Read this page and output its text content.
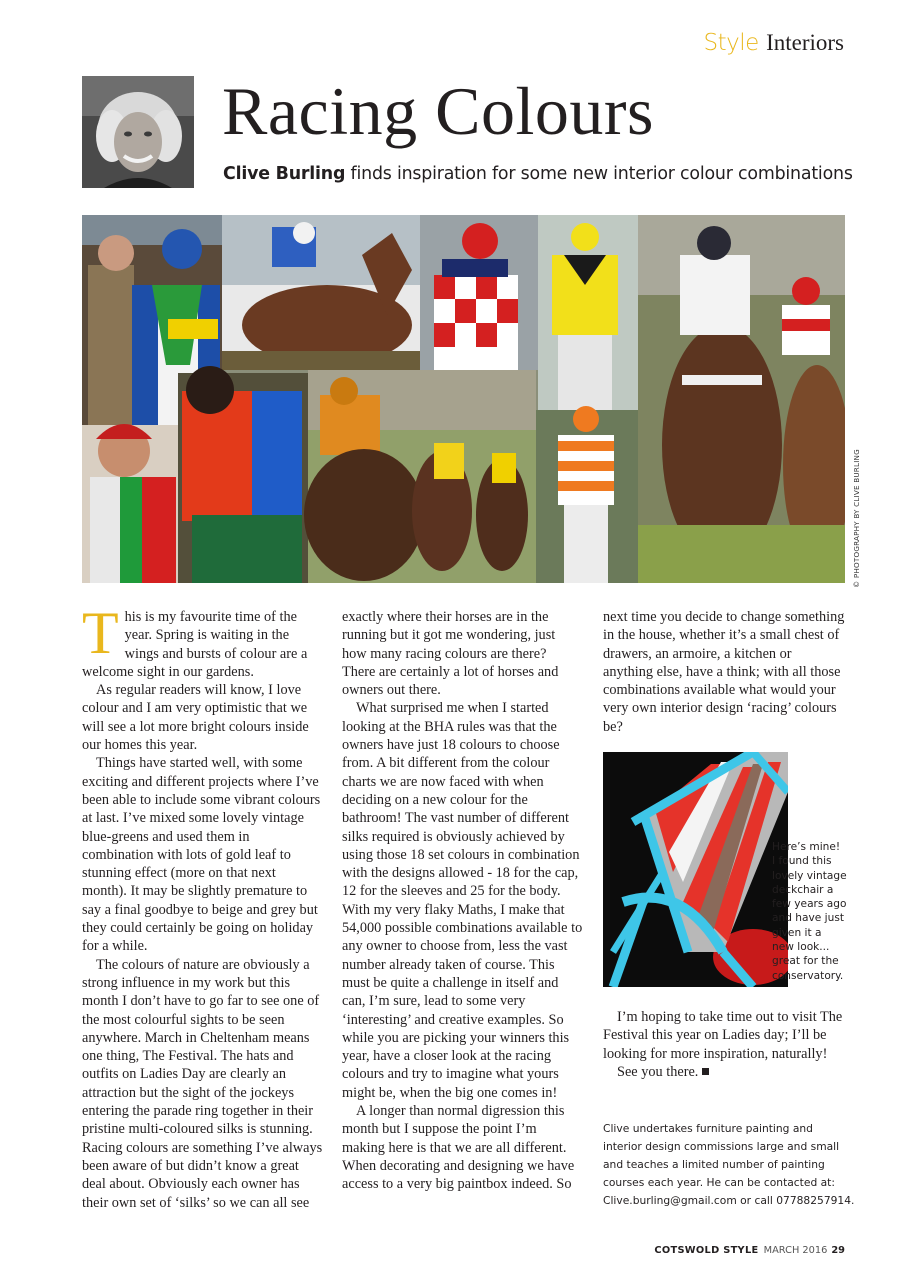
Style Interiors
Racing Colours
Clive Burling finds inspiration for some new interior colour combinations
© PHOTOGRAPHY BY CLIVE BURLING

This is my favourite time of the year. Spring is waiting in the wings and bursts of colour are a welcome sight in our gardens.

As regular readers will know, I love colour and I am very optimistic that we will see a lot more bright colours inside our homes this year.

Things have started well, with some exciting and different projects where I’ve been able to include some vibrant colours at last. I’ve mixed some lovely vintage blue-greens and used them in combination with lots of gold leaf to stunning effect (more on that next month). It may be slightly premature to say a final goodbye to beige and grey but they could certainly be going on holiday for a while.

The colours of nature are obviously a strong influence in my work but this month I don’t have to go far to see one of the most colourful sights to be seen anywhere. March in Cheltenham means one thing, The Festival. The hats and outfits on Ladies Day are clearly an attraction but the sight of the jockeys entering the parade ring together in their pristine multi-coloured silks is stunning. Racing colours are something I’ve always been aware of but didn’t know a great deal about. Obviously each owner has their own set of ‘silks’ so we can all see

exactly where their horses are in the running but it got me wondering, just how many racing colours are there? There are certainly a lot of horses and owners out there.

What surprised me when I started looking at the BHA rules was that the owners have just 18 colours to choose from. A bit different from the colour charts we are now faced with when deciding on a new colour for the bathroom! The vast number of different silks required is obviously achieved by using those 18 set colours in combination with the designs allowed - 18 for the cap, 12 for the sleeves and 25 for the body. With my very flaky Maths, I make that 54,000 possible combinations available to any owner to choose from, less the vast number already taken of course. This must be quite a challenge in itself and can, I’m sure, lead to some very ‘interesting’ and creative examples. So while you are picking your winners this year, have a closer look at the racing colours and try to imagine what yours might be, when the big one comes in!

A longer than normal digression this month but I suppose the point I’m making here is that we are all different. When decorating and designing we have access to a very big paintbox indeed. So

next time you decide to change something in the house, whether it’s a small chest of drawers, an armoire, a kitchen or anything else, have a think; with all those combinations available what would your very own interior design ‘racing’ colours be?

Here’s mine!
I found this
lovely vintage
deckchair a
few years ago
and have just
given it a
new look...
great for the
conservatory.

I’m hoping to take time out to visit The Festival this year on Ladies day; I’ll be looking for more inspiration, naturally!

See you there.

Clive undertakes furniture painting and
interior design commissions large and small
and teaches a limited number of painting
courses each year. He can be contacted at:
Clive.burling@gmail.com or call 07788257914.
COTSWOLD STYLE MARCH 2016 29
